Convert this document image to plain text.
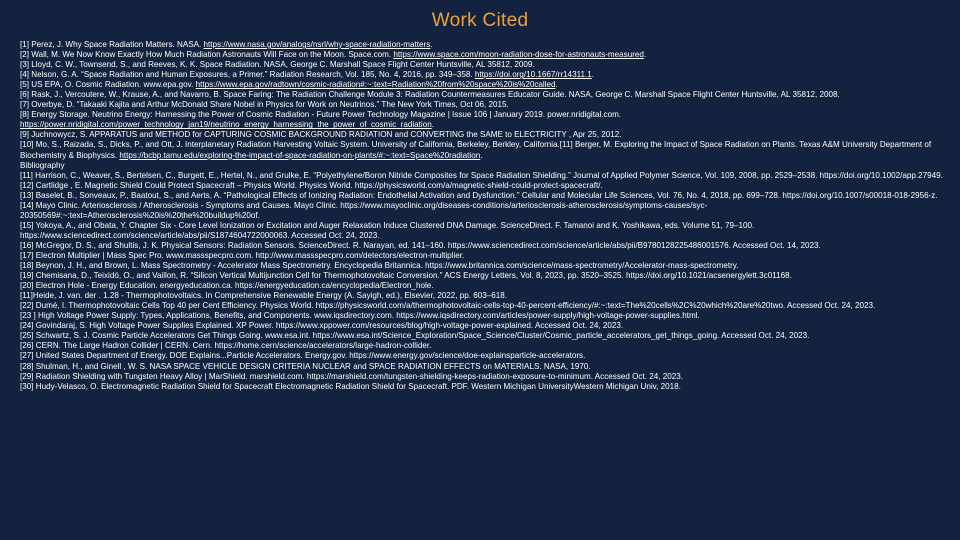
Work Cited
[1] Perez, J. Why Space Radiation Matters. NASA. https://www.nasa.gov/analogs/nsrl/why-space-radiation-matters.
[2] Wall, M. We Now Know Exactly How Much Radiation Astronauts Will Face on the Moon. Space.com. https://www.space.com/moon-radiation-dose-for-astronauts-measured.
[3] Lloyd, C. W., Townsend, S., and Reeves, K. K. Space Radiation. NASA, George C. Marshall Space Flight Center Huntsville, AL 35812, 2009.
[4] Nelson, G. A. “Space Radiation and Human Exposures, a Primer.” Radiation Research, Vol. 185, No. 4, 2016, pp. 349–358. https://doi.org/10.1667/rr14311.1.
[5] US EPA, O. Cosmic Radiation. www.epa.gov. https://www.epa.gov/radtown/cosmic-radiation#:~:text=Radiation%20from%20space%20is%20called.
[6] Rask, J., Vercoutere, W., Krause, A., and Navarro, B. Space Faring: The Radiation Challenge Module 3: Radiation Countermeasures Educator Guide. NASA, George C. Marshall Space Flight Center Huntsville, AL 35812, 2008.
[7] Overbye, D. “Takaaki Kajita and Arthur McDonald Share Nobel in Physics for Work on Neutrinos.” The New York Times, Oct 06, 2015.
[8] Energy Storage. Neutrino Energy: Harnessing the Power of Cosmic Radiation - Future Power Technology Magazine | Issue 106 | January 2019. power.nridigital.com. https://power.nridigital.com/power_technology_jan19/neutrino_energy_harnessing_the_power_of_cosmic_radiation.
[9] Juchnowycz, S. APPARATUS and METHOD for CAPTURING COSMIC BACKGROUND RADIATION and CONVERTING the SAME to ELECTRICITY , Apr 25, 2012.
[10] Mo, S., Raizada, S., Dicks, P., and Ott, J. Interplanetary Radiation Harvesting Voltaic System. University of California, Berkeley, Berkley, California.[11] Berger, M. Exploring the Impact of Space Radiation on Plants. Texas A&M University Department of Biochemistry & Biophysics. https://bcbp.tamu.edu/exploring-the-impact-of-space-radiation-on-plants/#:~:text=Space%20radiation.
Bibliography
[11] Harrison, C., Weaver, S., Bertelsen, C., Burgett, E., Hertel, N., and Grulke, E. “Polyethylene/Boron Nitride Composites for Space Radiation Shielding.” Journal of Applied Polymer Science, Vol. 109, 2008, pp. 2529–2538. https://doi.org/10.1002/app.27949.
[12] Cartlidge , E. Magnetic Shield Could Protect Spacecraft – Physics World. Physics World. https://physicsworld.com/a/magnetic-shield-could-protect-spacecraft/.
[13] Baselet, B., Sonveaux, P., Baatout, S., and Aerts, A. “Pathological Effects of Ionizing Radiation: Endothelial Activation and Dysfunction.” Cellular and Molecular Life Sciences, Vol. 76, No. 4, 2018, pp. 699–728. https://doi.org/10.1007/s00018-018-2956-z.
[14] Mayo Clinic. Arteriosclerosis / Atherosclerosis - Symptoms and Causes. Mayo Clinic. https://www.mayoclinic.org/diseases-conditions/arteriosclerosis-atherosclerosis/symptoms-causes/syc-20350569#:~:text=Atherosclerosis%20is%20the%20buildup%20of.
[15] Yokoya, A., and Obata, Y. Chapter Six - Core Level Ionization or Excitation and Auger Relaxation Induce Clustered DNA Damage. ScienceDirect. F. Tamanoi and K. Yoshikawa, eds. Volume 51, 79–100. https://www.sciencedirect.com/science/article/abs/pii/S1874604722000063. Accessed Oct. 24, 2023.
[16] McGregor, D. S., and Shultis, J. K. Physical Sensors: Radiation Sensors. ScienceDirect. R. Narayan, ed. 141–160. https://www.sciencedirect.com/science/article/abs/pii/B9780128225486001576. Accessed Oct. 14, 2023.
[17] Electron Multiplier | Mass Spec Pro. www.massspecpro.com. http://www.massspecpro.com/detectors/electron-multiplier.
[18] Beynon, J. H., and Brown, L. Mass Spectrometry - Accelerator Mass Spectrometry. Encyclopedia Britannica. https://www.britannica.com/science/mass-spectrometry/Accelerator-mass-spectrometry.
[19] Chemisana, D., Teixidó, O., and Vaillon, R. “Silicon Vertical Multijunction Cell for Thermophotovoltaic Conversion.” ACS Energy Letters, Vol. 8, 2023, pp. 3520–3525. https://doi.org/10.1021/acsenergylett.3c01168.
[20] Electron Hole - Energy Education. energyeducation.ca. https://energyeducation.ca/encyclopedia/Electron_hole.
[11]Heide, J. van. der . 1.28 - Thermophotovoltaics. In Comprehensive Renewable Energy (A. Sayigh, ed.), Elsevier, 2022, pp. 603–618.
[22] Dumé, I. Thermophotovoltaic Cells Top 40 per Cent Efficiency. Physics World. https://physicsworld.com/a/thermophotovoltaic-cells-top-40-percent-efficiency/#:~:text=The%20cells%2C%20which%20are%20two. Accessed Oct. 24, 2023.
[23 ] High Voltage Power Supply: Types, Applications, Benefits, and Components. www.iqsdirectory.com. https://www.iqsdirectory.com/articles/power-supply/high-voltage-power-supplies.html.
[24] Govindaraj, S. High Voltage Power Supplies Explained. XP Power. https://www.xppower.com/resources/blog/high-voltage-power-explained. Accessed Oct. 24, 2023.
[25] Schwartz, S. J. Cosmic Particle Accelerators Get Things Going. www.esa.int. https://www.esa.int/Science_Exploration/Space_Science/Cluster/Cosmic_particle_accelerators_get_things_going. Accessed Oct. 24, 2023.
[26] CERN. The Large Hadron Collider | CERN. Cern. https://home.cern/science/accelerators/large-hadron-collider.
[27] United States Department of Energy. DOE Explains...Particle Accelerators. Energy.gov. https://www.energy.gov/science/doe-explainsparticle-accelerators.
[28] Shulman, H., and Ginell , W. S. NASA SPACE VEHICLE DESIGN CRITERIA NUCLEAR and SPACE RADIATION EFFECTS on MATERIALS. NASA, 1970.
[29] Radiation Shielding with Tungsten Heavy Alloy | MarShield. marshield.com. https://marshield.com/tungsten-shielding-keeps-radiation-exposure-to-minimum. Accessed Oct. 24, 2023.
[30] Hudy-Velasco, O. Electromagnetic Radiation Shield for Spacecraft Electromagnetic Radiation Shield for Spacecraft. PDF. Western Michigan UniversityWestern Michigan Univ, 2018.
